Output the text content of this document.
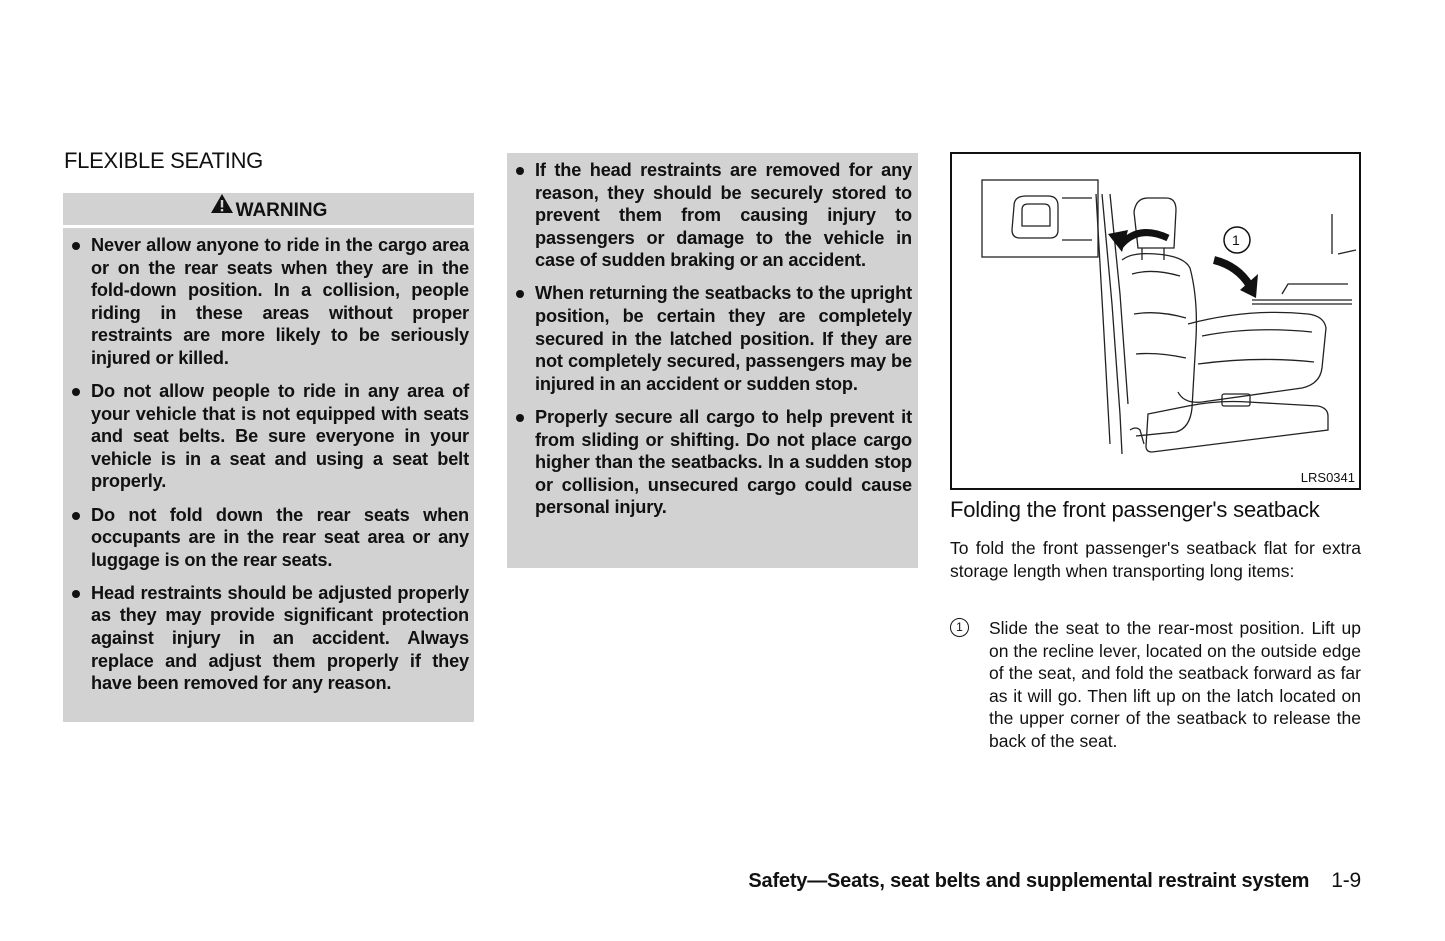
FLEXIBLE SEATING
WARNING
Never allow anyone to ride in the cargo area or on the rear seats when they are in the fold-down position. In a collision, people riding in these areas without proper restraints are more likely to be seriously injured or killed.
Do not allow people to ride in any area of your vehicle that is not equipped with seats and seat belts. Be sure everyone in your vehicle is in a seat and using a seat belt properly.
Do not fold down the rear seats when occupants are in the rear seat area or any luggage is on the rear seats.
Head restraints should be adjusted properly as they may provide significant protection against injury in an accident. Always replace and adjust them properly if they have been removed for any reason.
If the head restraints are removed for any reason, they should be securely stored to prevent them from causing injury to passengers or damage to the vehicle in case of sudden braking or an accident.
When returning the seatbacks to the upright position, be certain they are completely secured in the latched position. If they are not completely secured, passengers may be injured in an accident or sudden stop.
Properly secure all cargo to help prevent it from sliding or shifting. Do not place cargo higher than the seatbacks. In a sudden stop or collision, unsecured cargo could cause personal injury.
1
LRS0341
Folding the front passenger's seatback
To fold the front passenger's seatback flat for extra storage length when transporting long items:
1	Slide the seat to the rear-most position. Lift up on the recline lever, located on the outside edge of the seat, and fold the seatback forward as far as it will go. Then lift up on the latch located on the upper corner of the seatback to release the back of the seat.
Safety—Seats, seat belts and supplemental restraint system 1-9
